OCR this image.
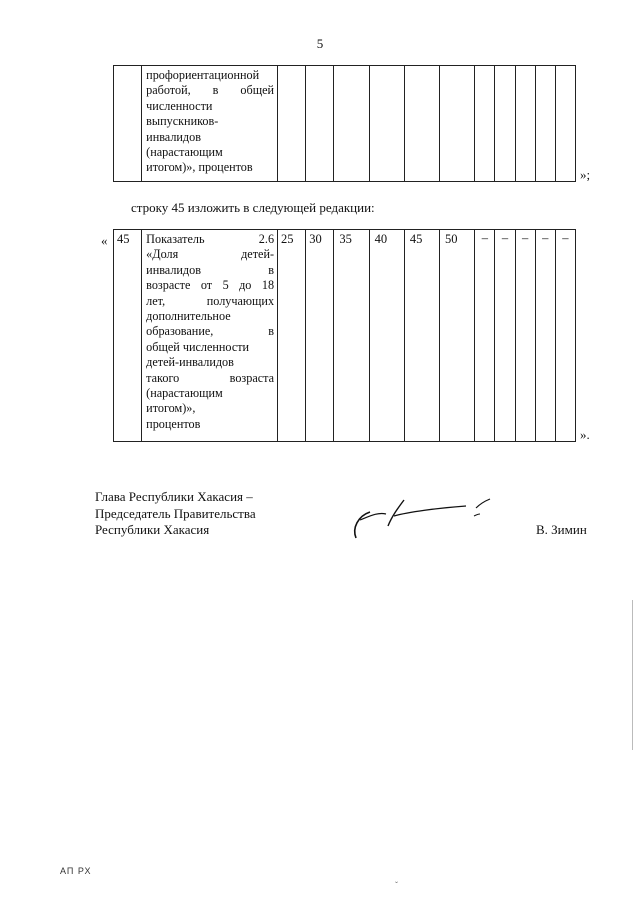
5

профориентационной
работой, в общей
численности
выпускников-
инвалидов
(нарастающим
итогом)», процентов
												»;
строку 45 изложить в следующей редакции:
« 45	Показатель 2.6
«Доля детей-
инвалидов в
возрасте от 5 до 18
лет, получающих
дополнительное
образование, в
общей численности
детей-инвалидов
такого возраста
(нарастающим
итогом)»,
процентов

25	30	35	40	45	50	–	–	–	–	–
».
Глава Республики Хакасия –
Председатель Правительства
Республики Хакасия	В. Зимин
АП РХ
ˇ
